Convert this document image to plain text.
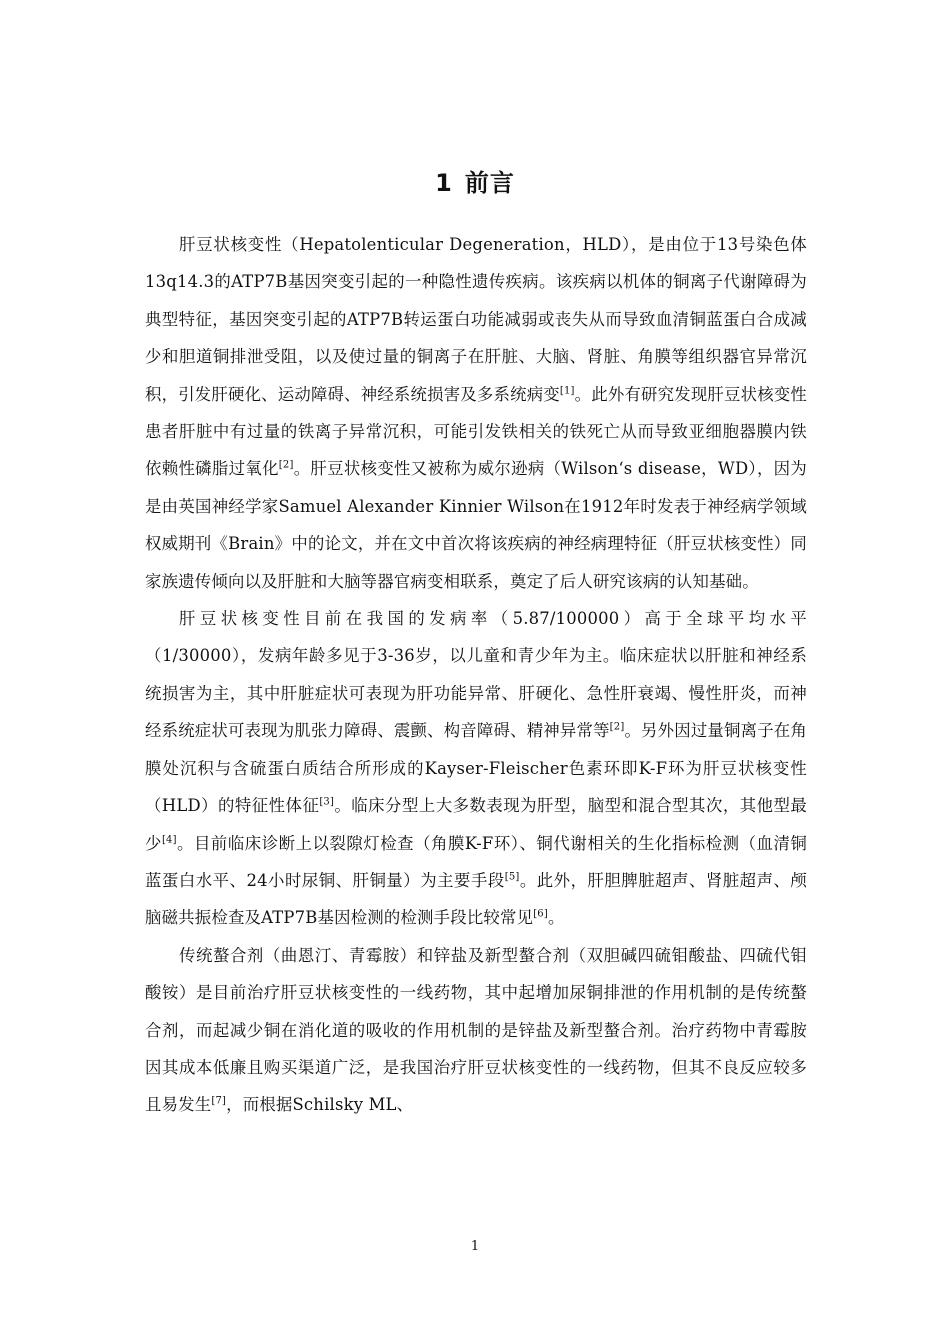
1 前言

肝豆状核变性（Hepatolenticular Degeneration，HLD），是由位于13号染色体13q14.3的ATP7B基因突变引起的一种隐性遗传疾病。该疾病以机体的铜离子代谢障碍为典型特征，基因突变引起的ATP7B转运蛋白功能减弱或丧失从而导致血清铜蓝蛋白合成减少和胆道铜排泄受阻，以及使过量的铜离子在肝脏、大脑、肾脏、角膜等组织器官异常沉积，引发肝硬化、运动障碍、神经系统损害及多系统病变[1]。此外有研究发现肝豆状核变性患者肝脏中有过量的铁离子异常沉积，可能引发铁相关的铁死亡从而导致亚细胞器膜内铁依赖性磷脂过氧化[2]。肝豆状核变性又被称为威尔逊病（Wilson‘s disease，WD），因为是由英国神经学家Samuel Alexander Kinnier Wilson在1912年时发表于神经病学领域权威期刊《Brain》中的论文，并在文中首次将该疾病的神经病理特征（肝豆状核变性）同家族遗传倾向以及肝脏和大脑等器官病变相联系，奠定了后人研究该病的认知基础。

肝豆状核变性目前在我国的发病率（5.87/100000）高于全球平均水平（1/30000），发病年龄多见于3-36岁，以儿童和青少年为主。临床症状以肝脏和神经系统损害为主，其中肝脏症状可表现为肝功能异常、肝硬化、急性肝衰竭、慢性肝炎，而神经系统症状可表现为肌张力障碍、震颤、构音障碍、精神异常等[2]。另外因过量铜离子在角膜处沉积与含硫蛋白质结合所形成的Kayser-Fleischer色素环即K-F环为肝豆状核变性（HLD）的特征性体征[3]。临床分型上大多数表现为肝型，脑型和混合型其次，其他型最少[4]。目前临床诊断上以裂隙灯检查（角膜K-F环）、铜代谢相关的生化指标检测（血清铜蓝蛋白水平、24小时尿铜、肝铜量）为主要手段[5]。此外，肝胆脾脏超声、肾脏超声、颅脑磁共振检查及ATP7B基因检测的检测手段比较常见[6]。

传统螯合剂（曲恩汀、青霉胺）和锌盐及新型螯合剂（双胆碱四硫钼酸盐、四硫代钼酸铵）是目前治疗肝豆状核变性的一线药物，其中起增加尿铜排泄的作用机制的是传统螯合剂，而起减少铜在消化道的吸收的作用机制的是锌盐及新型螯合剂。治疗药物中青霉胺因其成本低廉且购买渠道广泛，是我国治疗肝豆状核变性的一线药物，但其不良反应较多且易发生[7]，而根据Schilsky ML、

1
